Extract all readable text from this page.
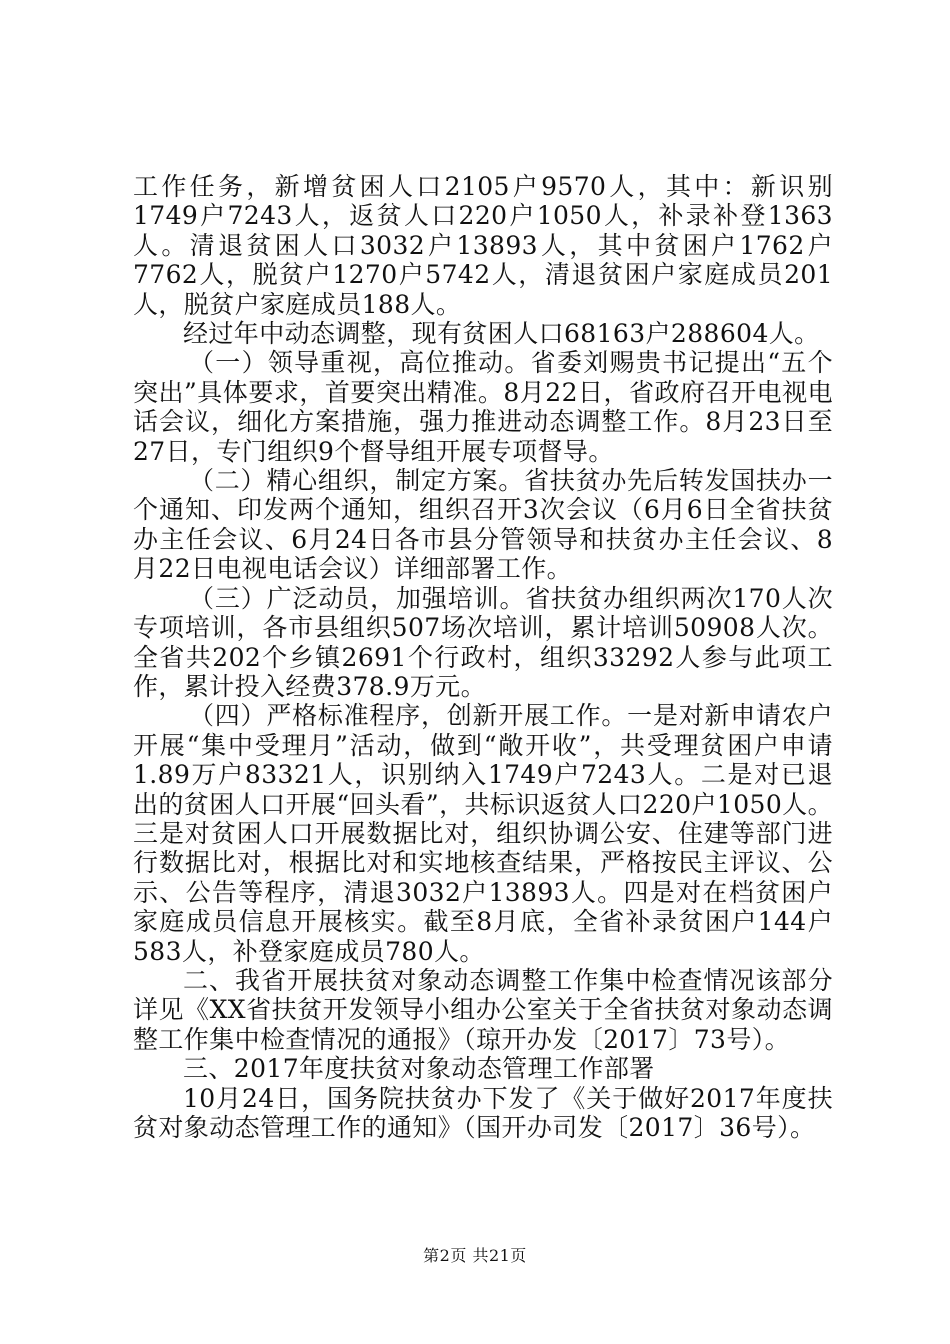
工作任务，新增贫困人口2105户9570人，其中：新识别1749户7243人，返贫人口220户1050人，补录补登1363人。清退贫困人口3032户13893人，其中贫困户1762户7762人，脱贫户1270户5742人，清退贫困户家庭成员201人，脱贫户家庭成员188人。

经过年中动态调整，现有贫困人口68163户288604人。

（一）领导重视，高位推动。省委刘赐贵书记提出“五个突出”具体要求，首要突出精准。8月22日，省政府召开电视电话会议，细化方案措施，强力推进动态调整工作。8月23日至27日，专门组织9个督导组开展专项督导。

（二）精心组织，制定方案。省扶贫办先后转发国扶办一个通知、印发两个通知，组织召开3次会议（6月6日全省扶贫办主任会议、6月24日各市县分管领导和扶贫办主任会议、8月22日电视电话会议）详细部署工作。

（三）广泛动员，加强培训。省扶贫办组织两次170人次专项培训，各市县组织507场次培训，累计培训50908人次。全省共202个乡镇2691个行政村，组织33292人参与此项工作，累计投入经费378.9万元。

（四）严格标准程序，创新开展工作。一是对新申请农户开展“集中受理月”活动，做到“敞开收”，共受理贫困户申请1.89万户83321人，识别纳入1749户7243人。二是对已退出的贫困人口开展“回头看”，共标识返贫人口220户1050人。三是对贫困人口开展数据比对，组织协调公安、住建等部门进行数据比对，根据比对和实地核查结果，严格按民主评议、公示、公告等程序，清退3032户13893人。四是对在档贫困户家庭成员信息开展核实。截至8月底，全省补录贫困户144户583人，补登家庭成员780人。

二、我省开展扶贫对象动态调整工作集中检查情况该部分详见《XX省扶贫开发领导小组办公室关于全省扶贫对象动态调整工作集中检查情况的通报》（琼开办发〔2017〕73号）。

三、2017年度扶贫对象动态管理工作部署

10月24日，国务院扶贫办下发了《关于做好2017年度扶贫对象动态管理工作的通知》（国开办司发〔2017〕36号）。

第2页 共21页
